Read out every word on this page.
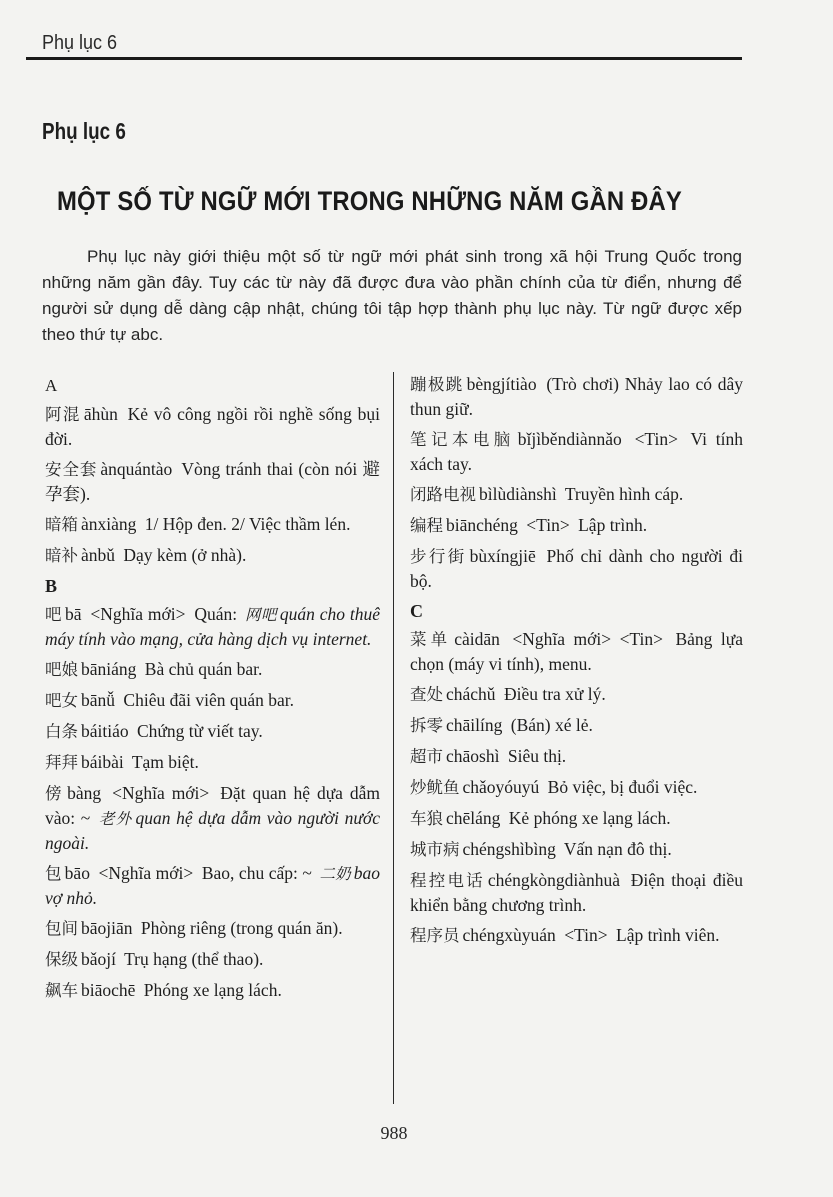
Phụ lục 6
Phụ lục 6
MỘT SỐ TỪ NGỮ MỚI TRONG NHỮNG NĂM GẦN ĐÂY

Phụ lục này giới thiệu một số từ ngữ mới phát sinh trong xã hội Trung Quốc trong những năm gần đây. Tuy các từ này đã được đưa vào phần chính của từ điển, nhưng để người sử dụng dễ dàng cập nhật, chúng tôi tập hợp thành phụ lục này. Từ ngữ được xếp theo thứ tự abc.

A
阿混 āhùn Kẻ vô công ngồi rồi nghề sống bụi đời.
安全套 ànquántào Vòng tránh thai (còn nói 避孕套).
暗箱 ànxiàng 1/ Hộp đen. 2/ Việc thầm lén.
暗补 ànbǔ Dạy kèm (ở nhà).
B
吧 bā <Nghĩa mới> Quán: 网吧 quán cho thuê máy tính vào mạng, cửa hàng dịch vụ internet.
吧娘 bāniáng Bà chủ quán bar.
吧女 bānǚ Chiêu đãi viên quán bar.
白条 báitiáo Chứng từ viết tay.
拜拜 báibài Tạm biệt.
傍 bàng <Nghĩa mới> Đặt quan hệ dựa dẫm vào: ~ 老外 quan hệ dựa dẫm vào người nước ngoài.
包 bāo <Nghĩa mới> Bao, chu cấp: ~ 二奶 bao vợ nhỏ.
包间 bāojiān Phòng riêng (trong quán ăn).
保级 bǎojí Trụ hạng (thể thao).
飙车 biāochē Phóng xe lạng lách.
蹦极跳 bèngjítiào (Trò chơi) Nhảy lao có dây thun giữ.
笔记本电脑 bǐjìběndiànnǎo <Tin> Vi tính xách tay.
闭路电视 bìlùdiànshì Truyền hình cáp.
编程 biānchéng <Tin> Lập trình.
步行街 bùxíngjiē Phố chỉ dành cho người đi bộ.
C
菜单 càidān <Nghĩa mới> <Tin> Bảng lựa chọn (máy vi tính), menu.
查处 cháchǔ Điều tra xử lý.
拆零 chāilíng (Bán) xé lẻ.
超市 chāoshì Siêu thị.
炒鱿鱼 chǎoyóuyú Bỏ việc, bị đuổi việc.
车狼 chēláng Kẻ phóng xe lạng lách.
城市病 chéngshìbìng Vấn nạn đô thị.
程控电话 chéngkòngdiànhuà Điện thoại điều khiển bằng chương trình.
程序员 chéngxùyuán <Tin> Lập trình viên.
988
